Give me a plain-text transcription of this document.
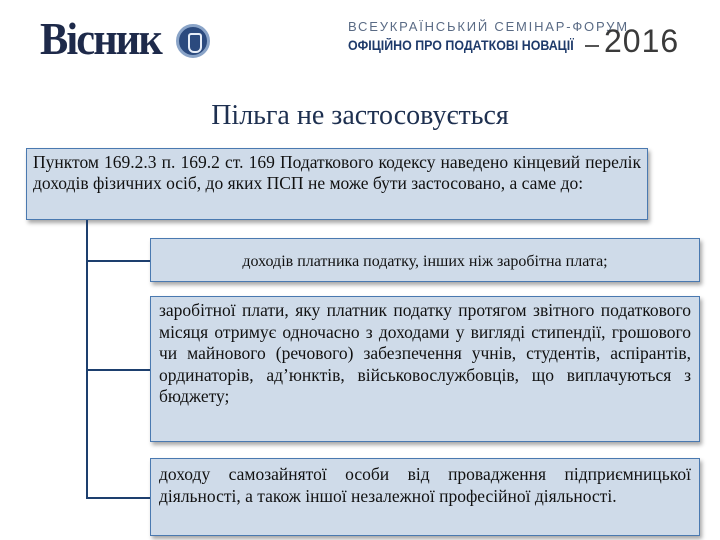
Вісник	ВСЕУКРАЇНСЬКИЙ СЕМІНАР-ФОРУМ
ОФІЦІЙНО ПРО ПОДАТКОВІ НОВАЦІЇ 2016
Пільга не застосовується
Пунктом 169.2.3 п. 169.2 ст. 169 Податкового кодексу наведено кінцевий перелік доходів фізичних осіб, до яких ПСП не може бути застосовано, а саме до:
доходів платника податку, інших ніж заробітна плата;
заробітної плати, яку платник податку протягом звітного податкового місяця отримує одночасно з доходами у вигляді стипендії, грошового чи майнового (речового) забезпечення учнів, студентів, аспірантів, ординаторів, ад’юнктів, військовослужбовців, що виплачуються з бюджету;
доходу самозайнятої особи від провадження підприємницької діяльності, а також іншої незалежної професійної діяльності.
